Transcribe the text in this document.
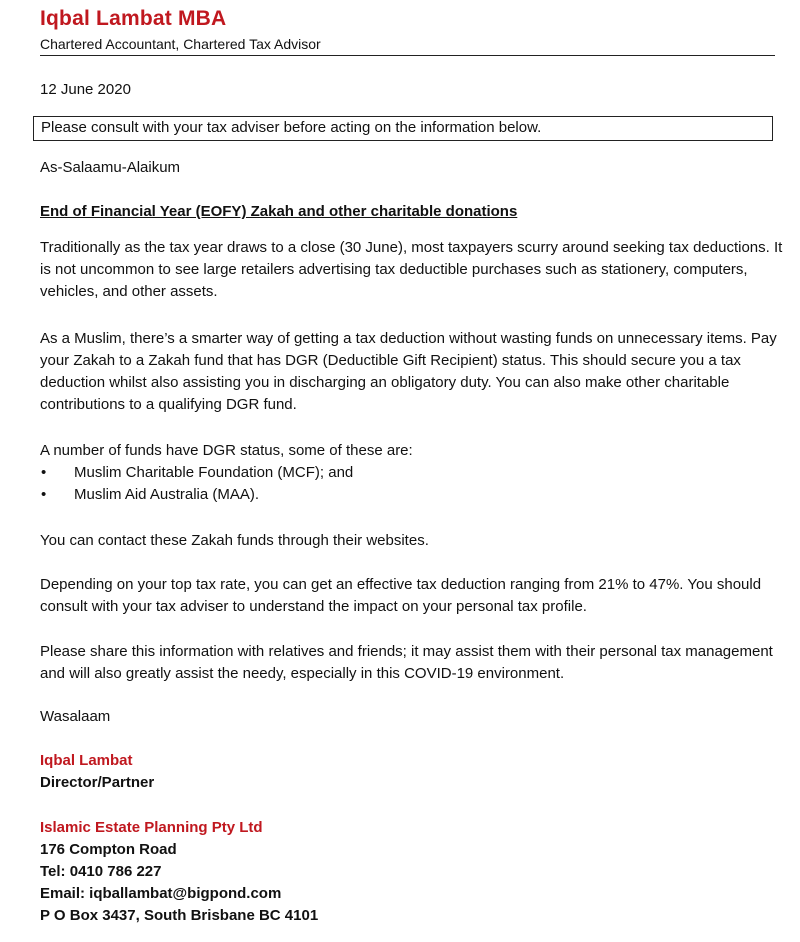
Iqbal Lambat MBA
Chartered Accountant, Chartered Tax Advisor
12 June 2020
Please consult with your tax adviser before acting on the information below.
As-Salaamu-Alaikum
End of Financial Year (EOFY) Zakah and other charitable donations

Traditionally as the tax year draws to a close (30 June), most taxpayers scurry around seeking tax deductions. It is not uncommon to see large retailers advertising tax deductible purchases such as stationery, computers, vehicles, and other assets.

As a Muslim, there’s a smarter way of getting a tax deduction without wasting funds on unnecessary items. Pay your Zakah to a Zakah fund that has DGR (Deductible Gift Recipient) status. This should secure you a tax deduction whilst also assisting you in discharging an obligatory duty. You can also make other charitable contributions to a qualifying DGR fund.

A number of funds have DGR status, some of these are:

• Muslim Charitable Foundation (MCF); and
• Muslim Aid Australia (MAA).

You can contact these Zakah funds through their websites.

Depending on your top tax rate, you can get an effective tax deduction ranging from 21% to 47%. You should consult with your tax adviser to understand the impact on your personal tax profile.

Please share this information with relatives and friends; it may assist them with their personal tax management and will also greatly assist the needy, especially in this COVID-19 environment.

Wasalaam
Iqbal Lambat
Director/Partner
Islamic Estate Planning Pty Ltd
176 Compton Road
Tel: 0410 786 227
Email: iqballambat@bigpond.com
P O Box 3437, South Brisbane BC 4101
